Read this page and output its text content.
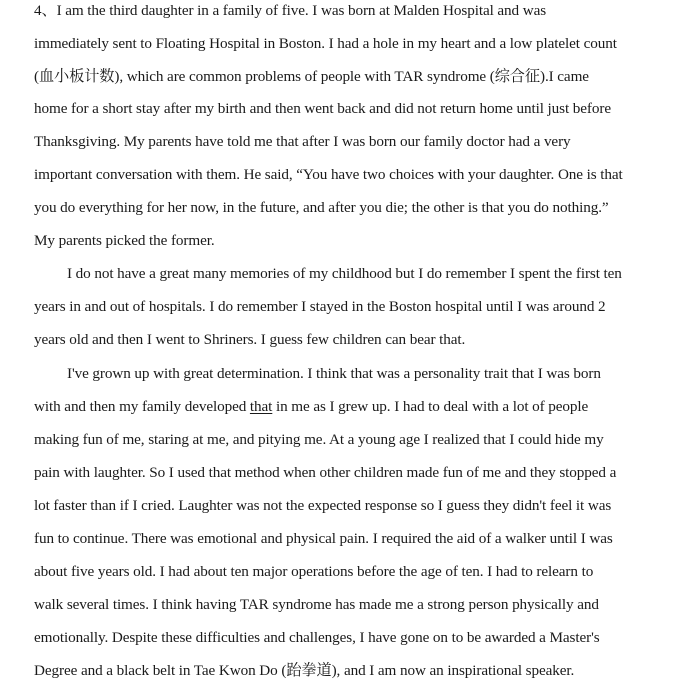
4、I am the third daughter in a family of five. I was born at Malden Hospital and was
immediately sent to Floating Hospital in Boston. I had a hole in my heart and a low platelet count
(血小板计数), which are common problems of people with TAR syndrome (综合征).I came
home for a short stay after my birth and then went back and did not return home until just before
Thanksgiving. My parents have told me that after I was born our family doctor had a very
important conversation with them. He said, “You have two choices with your daughter. One is that
you do everything for her now, in the future, and after you die; the other is that you do nothing.”
My parents picked the former.
I do not have a great many memories of my childhood but I do remember I spent the first ten
years in and out of hospitals. I do remember I stayed in the Boston hospital until I was around 2
years old and then I went to Shriners. I guess few children can bear that.
I've grown up with great determination. I think that was a personality trait that I was born
with and then my family developed that in me as I grew up. I had to deal with a lot of people
making fun of me, staring at me, and pitying me. At a young age I realized that I could hide my
pain with laughter. So I used that method when other children made fun of me and they stopped a
lot faster than if I cried. Laughter was not the expected response so I guess they didn't feel it was
fun to continue. There was emotional and physical pain. I required the aid of a walker until I was
about five years old. I had about ten major operations before the age of ten. I had to relearn to
walk several times. I think having TAR syndrome has made me a strong person physically and
emotionally. Despite these difficulties and challenges, I have gone on to be awarded a Master's
Degree and a black belt in Tae Kwon Do (跆拳道), and I am now an inspirational speaker.
